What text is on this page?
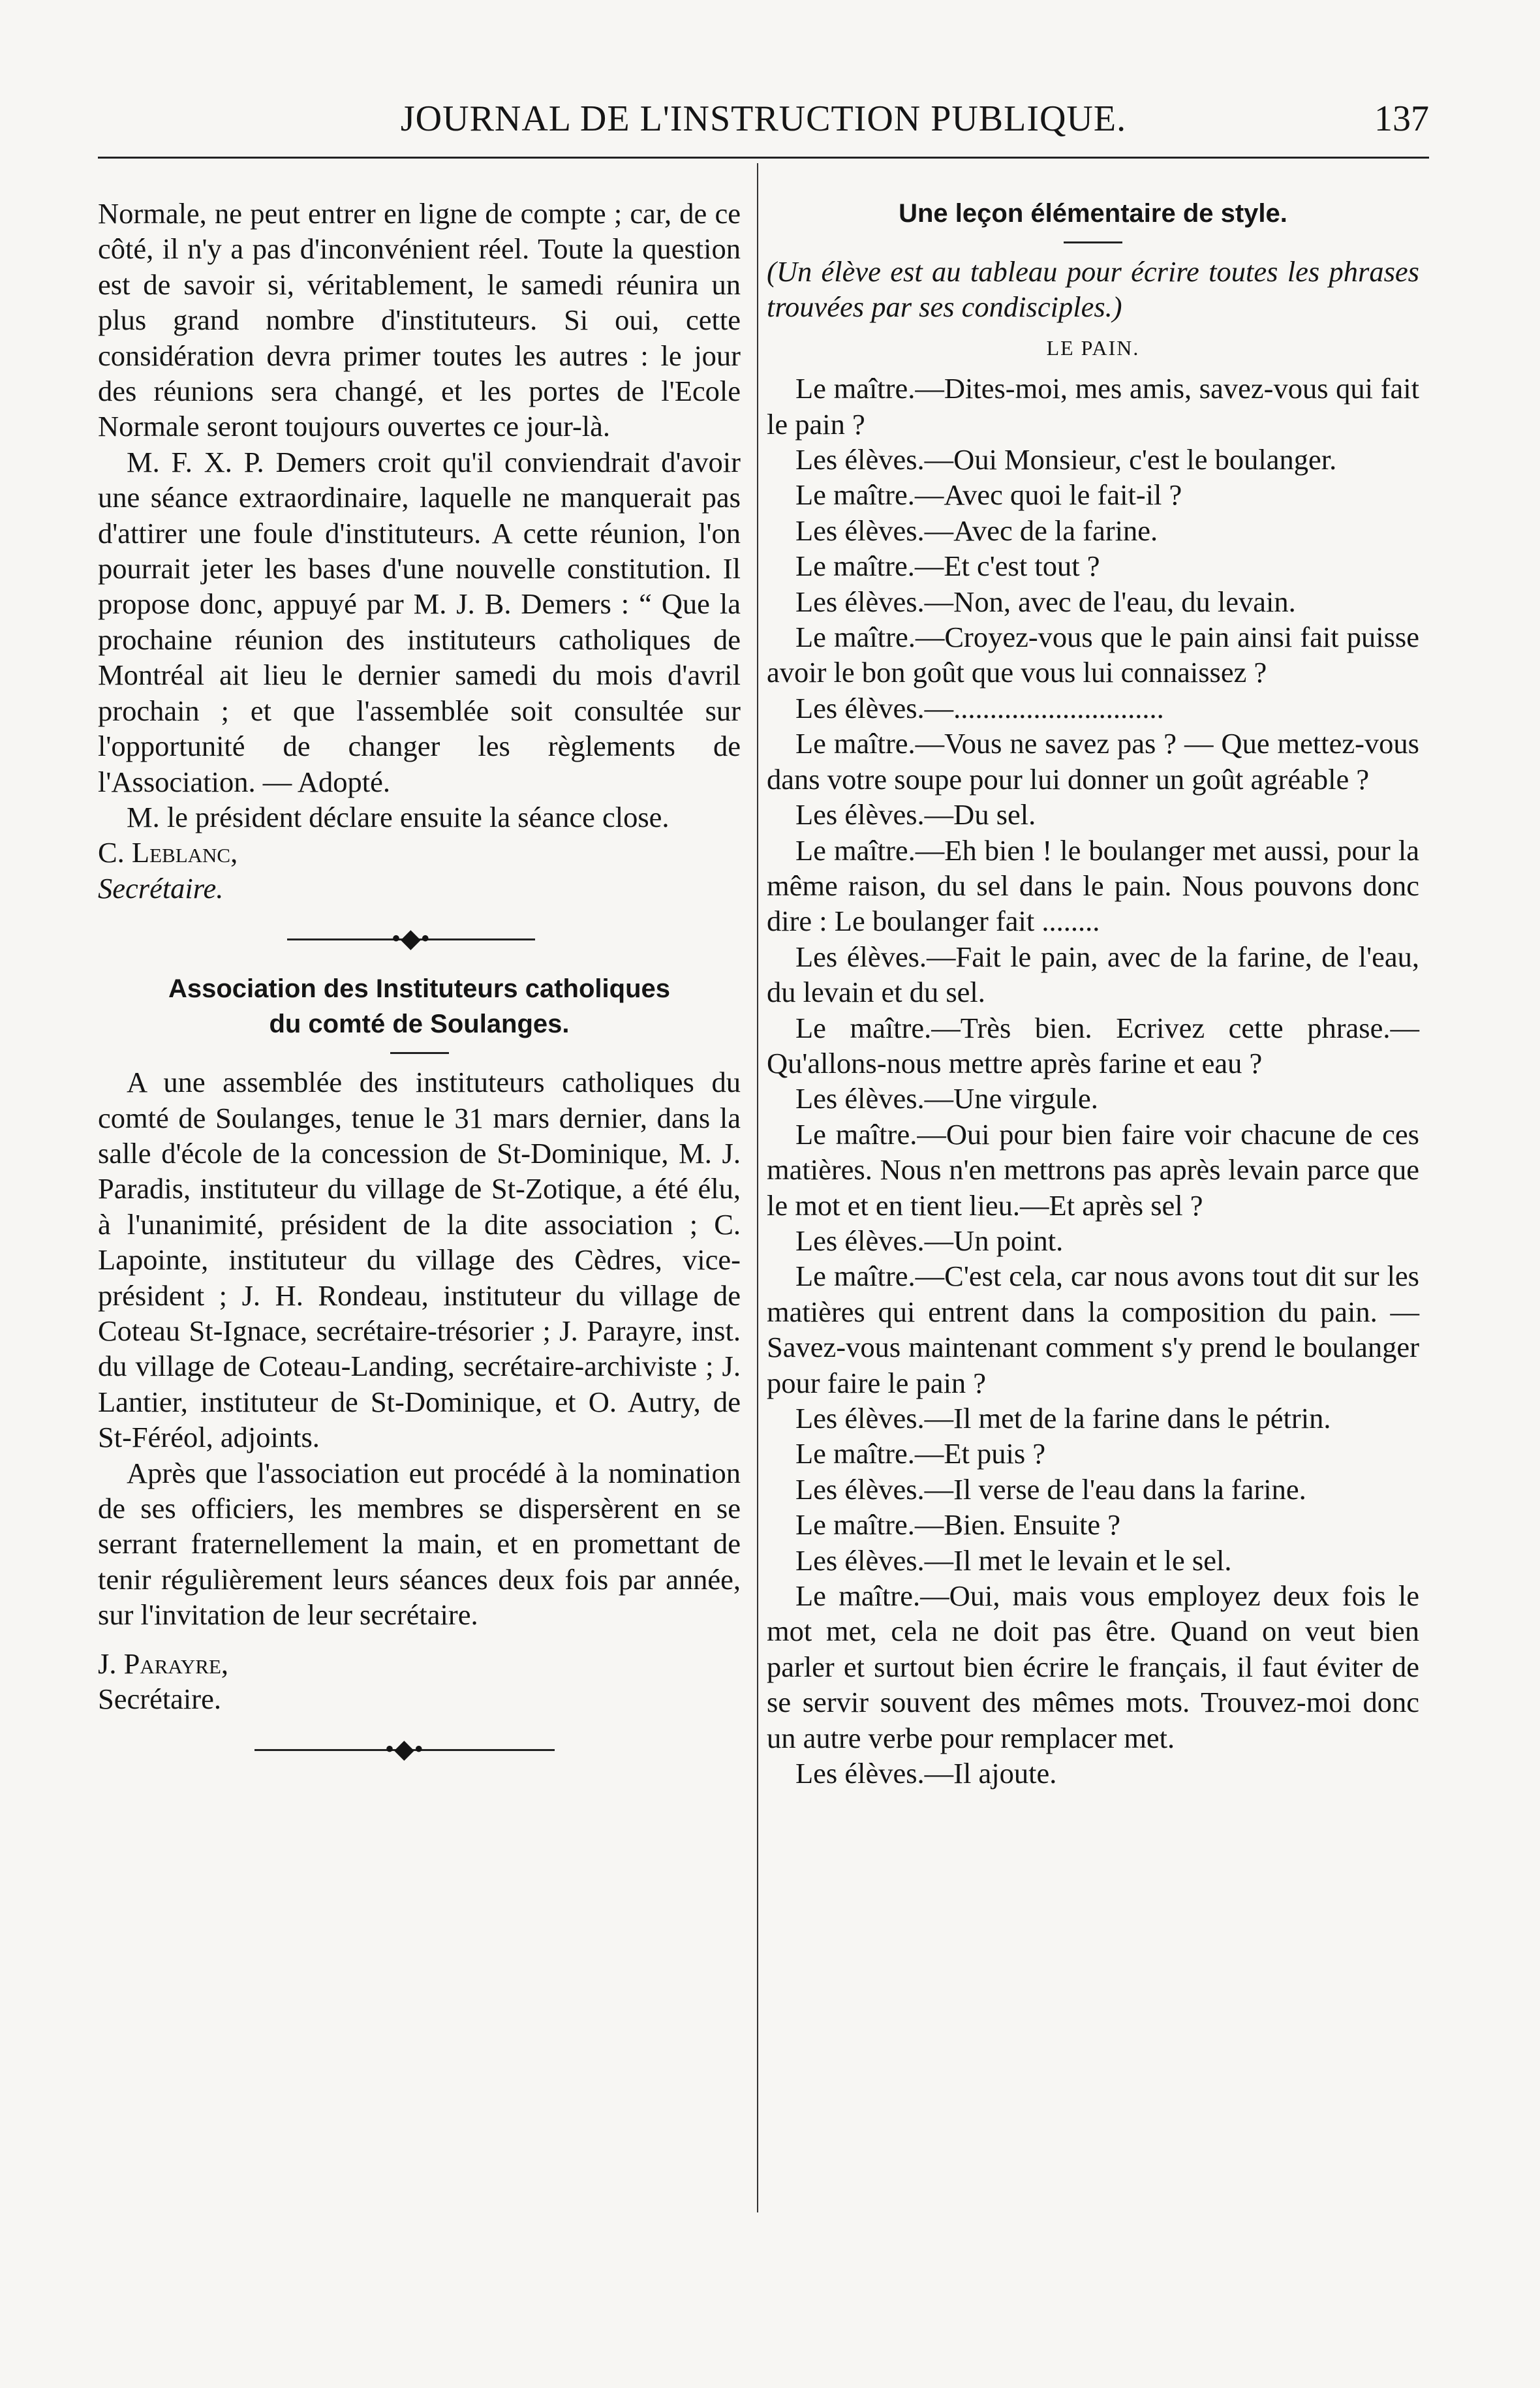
JOURNAL DE L'INSTRUCTION PUBLIQUE.	137

Normale, ne peut entrer en ligne de compte ; car, de ce côté, il n'y a pas d'inconvénient réel. Toute la question est de savoir si, véritablement, le samedi réunira un plus grand nombre d'instituteurs. Si oui, cette considération devra primer toutes les autres : le jour des réunions sera changé, et les portes de l'Ecole Normale seront toujours ouvertes ce jour-là.

M. F. X. P. Demers croit qu'il conviendrait d'avoir une séance extraordinaire, laquelle ne manquerait pas d'attirer une foule d'instituteurs. A cette réunion, l'on pourrait jeter les bases d'une nouvelle constitution. Il propose donc, appuyé par M. J. B. Demers : “ Que la prochaine réunion des instituteurs catholiques de Montréal ait lieu le dernier samedi du mois d'avril prochain ; et que l'assemblée soit consultée sur l'opportunité de changer les règlements de l'Association. — Adopté.

M. le président déclare ensuite la séance close.

C. Leblanc,

Secrétaire.

•◆•
Association des Instituteurs catholiques
du comté de Soulanges.

A une assemblée des instituteurs catholiques du comté de Soulanges, tenue le 31 mars dernier, dans la salle d'école de la concession de St-Dominique, M. J. Paradis, instituteur du village de St-Zotique, a été élu, à l'unanimité, président de la dite association ; C. Lapointe, instituteur du village des Cèdres, vice-président ; J. H. Rondeau, instituteur du village de Coteau St-Ignace, secrétaire-trésorier ; J. Parayre, inst. du village de Coteau-Landing, secrétaire-archiviste ; J. Lantier, instituteur de St-Dominique, et O. Autry, de St-Féréol, adjoints.

Après que l'association eut procédé à la nomination de ses officiers, les membres se dispersèrent en se serrant fraternellement la main, et en promettant de tenir régulièrement leurs séances deux fois par année, sur l'invitation de leur secrétaire.

J. Parayre,

Secrétaire.

•◆•
Une leçon élémentaire de style.

(Un élève est au tableau pour écrire toutes les phrases trouvées par ses condisciples.)

LE PAIN.

Le maître.—Dites-moi, mes amis, savez-vous qui fait le pain ?

Les élèves.—Oui Monsieur, c'est le boulanger.

Le maître.—Avec quoi le fait-il ?

Les élèves.—Avec de la farine.

Le maître.—Et c'est tout ?

Les élèves.—Non, avec de l'eau, du levain.

Le maître.—Croyez-vous que le pain ainsi fait puisse avoir le bon goût que vous lui connaissez ?

Les élèves.—.............................

Le maître.—Vous ne savez pas ? — Que mettez-vous dans votre soupe pour lui donner un goût agréable ?

Les élèves.—Du sel.

Le maître.—Eh bien ! le boulanger met aussi, pour la même raison, du sel dans le pain. Nous pouvons donc dire : Le boulanger fait ........

Les élèves.—Fait le pain, avec de la farine, de l'eau, du levain et du sel.

Le maître.—Très bien. Ecrivez cette phrase.—Qu'allons-nous mettre après farine et eau ?

Les élèves.—Une virgule.

Le maître.—Oui pour bien faire voir chacune de ces matières. Nous n'en mettrons pas après levain parce que le mot et en tient lieu.—Et après sel ?

Les élèves.—Un point.

Le maître.—C'est cela, car nous avons tout dit sur les matières qui entrent dans la composition du pain. — Savez-vous maintenant comment s'y prend le boulanger pour faire le pain ?

Les élèves.—Il met de la farine dans le pétrin.

Le maître.—Et puis ?

Les élèves.—Il verse de l'eau dans la farine.

Le maître.—Bien. Ensuite ?

Les élèves.—Il met le levain et le sel.

Le maître.—Oui, mais vous employez deux fois le mot met, cela ne doit pas être. Quand on veut bien parler et surtout bien écrire le français, il faut éviter de se servir souvent des mêmes mots. Trouvez-moi donc un autre verbe pour remplacer met.

Les élèves.—Il ajoute.
